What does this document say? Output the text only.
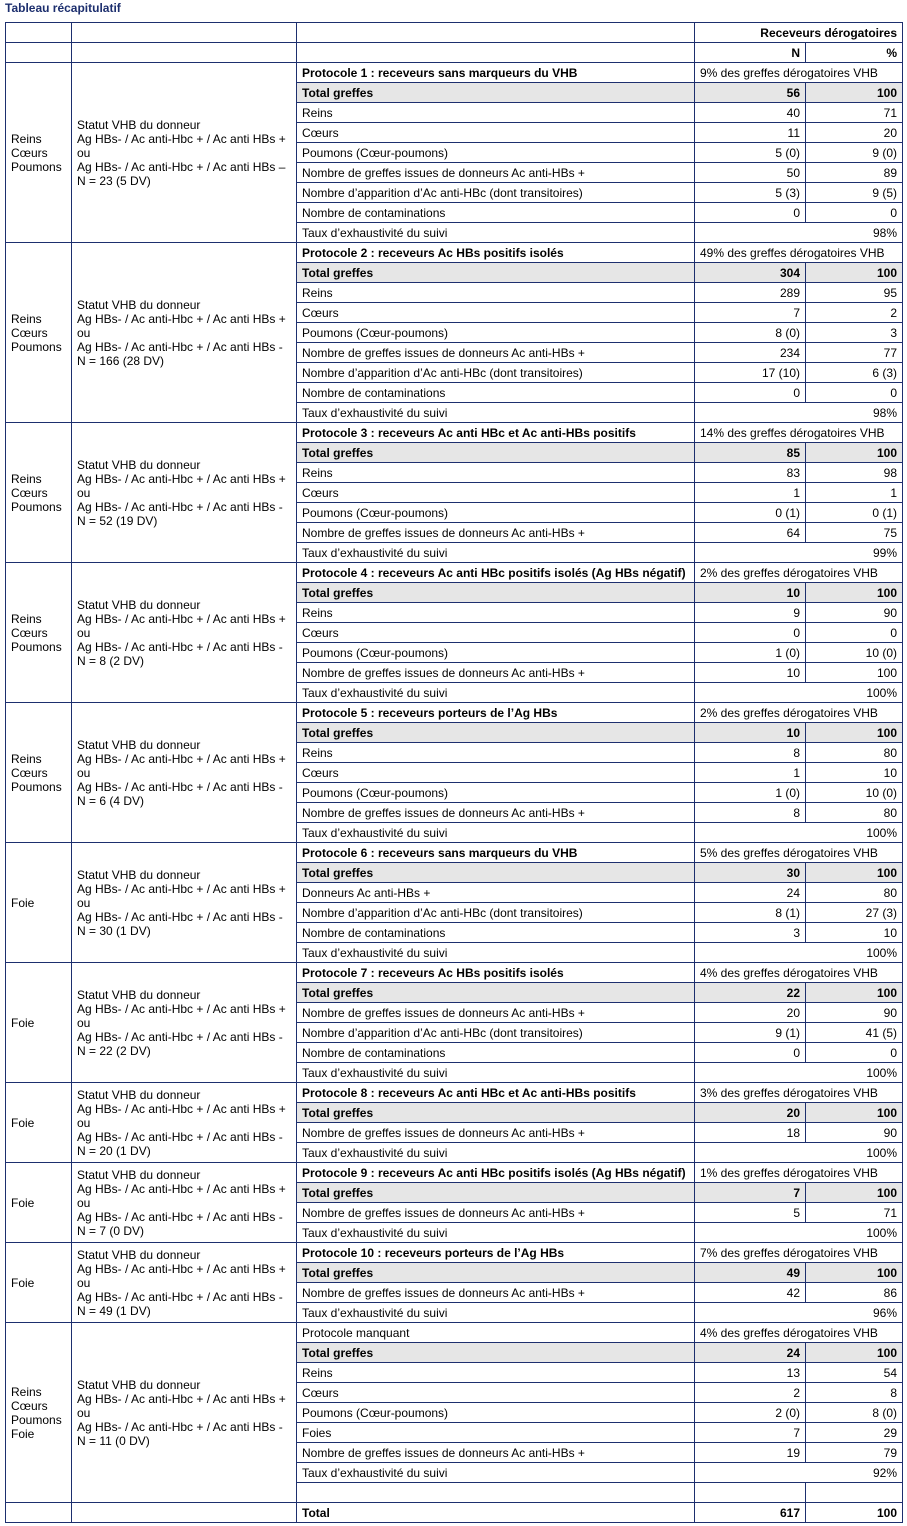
Tableau récapitulatif
			Receveurs dérogatoires	
			N	%

Reins
Cœurs
Poumons	Statut VHB du donneur
Ag HBs- / Ac anti-Hbc + / Ac anti HBs +
ou
Ag HBs- / Ac anti-Hbc + / Ac anti HBs –
N = 23 (5 DV)	Protocole 1 : receveurs sans marqueurs du VHB	9% des greffes dérogatoires VHB	
		Total greffes	56	100
		Reins	40	71
		Cœurs	11	20
		Poumons (Cœur-poumons)	5 (0)	9 (0)
		Nombre de greffes issues de donneurs Ac anti-HBs +	50	89
		Nombre d’apparition d’Ac anti-HBc (dont transitoires)	5 (3)	9 (5)
		Nombre de contaminations	0	0
		Taux d’exhaustivité du suivi	98%	

Reins
Cœurs
Poumons	Statut VHB du donneur
Ag HBs- / Ac anti-Hbc + / Ac anti HBs +
ou
Ag HBs- / Ac anti-Hbc + / Ac anti HBs -
N = 166 (28 DV)	Protocole 2 : receveurs Ac HBs positifs isolés	49% des greffes dérogatoires VHB	
		Total greffes	304	100
		Reins	289	95
		Cœurs	7	2
		Poumons (Cœur-poumons)	8 (0)	3
		Nombre de greffes issues de donneurs Ac anti-HBs +	234	77
		Nombre d’apparition d’Ac anti-HBc (dont transitoires)	17 (10)	6 (3)
		Nombre de contaminations	0	0
		Taux d’exhaustivité du suivi	98%	

Reins
Cœurs
Poumons	Statut VHB du donneur
Ag HBs- / Ac anti-Hbc + / Ac anti HBs +
ou
Ag HBs- / Ac anti-Hbc + / Ac anti HBs -
N = 52 (19 DV)	Protocole 3 : receveurs Ac anti HBc et Ac anti-HBs positifs	14% des greffes dérogatoires VHB	
		Total greffes	85	100
		Reins	83	98
		Cœurs	1	1
		Poumons (Cœur-poumons)	0 (1)	0 (1)
		Nombre de greffes issues de donneurs Ac anti-HBs +	64	75
		Taux d’exhaustivité du suivi	99%	

Reins
Cœurs
Poumons	Statut VHB du donneur
Ag HBs- / Ac anti-Hbc + / Ac anti HBs +
ou
Ag HBs- / Ac anti-Hbc + / Ac anti HBs -
N = 8 (2 DV)	Protocole 4 : receveurs Ac anti HBc positifs isolés (Ag HBs négatif)	2% des greffes dérogatoires VHB	
		Total greffes	10	100
		Reins	9	90
		Cœurs	0	0
		Poumons (Cœur-poumons)	1 (0)	10 (0)
		Nombre de greffes issues de donneurs Ac anti-HBs +	10	100
		Taux d’exhaustivité du suivi	100%	

Reins
Cœurs
Poumons	Statut VHB du donneur
Ag HBs- / Ac anti-Hbc + / Ac anti HBs +
ou
Ag HBs- / Ac anti-Hbc + / Ac anti HBs -
N = 6 (4 DV)	Protocole 5 : receveurs porteurs de l’Ag HBs	2% des greffes dérogatoires VHB	
		Total greffes	10	100
		Reins	8	80
		Cœurs	1	10
		Poumons (Cœur-poumons)	1 (0)	10 (0)
		Nombre de greffes issues de donneurs Ac anti-HBs +	8	80
		Taux d’exhaustivité du suivi	100%	

Foie	Statut VHB du donneur
Ag HBs- / Ac anti-Hbc + / Ac anti HBs +
ou
Ag HBs- / Ac anti-Hbc + / Ac anti HBs -
N = 30 (1 DV)	Protocole 6 : receveurs sans marqueurs du VHB	5% des greffes dérogatoires VHB	
		Total greffes	30	100
		Donneurs Ac anti-HBs +	24	80
		Nombre d’apparition d’Ac anti-HBc (dont transitoires)	8 (1)	27 (3)
		Nombre de contaminations	3	10
		Taux d’exhaustivité du suivi	100%	

Foie	Statut VHB du donneur
Ag HBs- / Ac anti-Hbc + / Ac anti HBs +
ou
Ag HBs- / Ac anti-Hbc + / Ac anti HBs -
N = 22 (2 DV)	Protocole 7 : receveurs Ac HBs positifs isolés	4% des greffes dérogatoires VHB	
		Total greffes	22	100
		Nombre de greffes issues de donneurs Ac anti-HBs +	20	90
		Nombre d’apparition d’Ac anti-HBc (dont transitoires)	9 (1)	41 (5)
		Nombre de contaminations	0	0
		Taux d’exhaustivité du suivi	100%	

Foie	Statut VHB du donneur
Ag HBs- / Ac anti-Hbc + / Ac anti HBs +
ou
Ag HBs- / Ac anti-Hbc + / Ac anti HBs -
N = 20 (1 DV)	Protocole 8 : receveurs Ac anti HBc et Ac anti-HBs positifs	3% des greffes dérogatoires VHB	
		Total greffes	20	100
		Nombre de greffes issues de donneurs Ac anti-HBs +	18	90
		Taux d’exhaustivité du suivi	100%	

Foie	Statut VHB du donneur
Ag HBs- / Ac anti-Hbc + / Ac anti HBs +
ou
Ag HBs- / Ac anti-Hbc + / Ac anti HBs -
N = 7 (0 DV)	Protocole 9 : receveurs Ac anti HBc positifs isolés (Ag HBs négatif)	1% des greffes dérogatoires VHB	
		Total greffes	7	100
		Nombre de greffes issues de donneurs Ac anti-HBs +	5	71
		Taux d’exhaustivité du suivi	100%	

Foie	Statut VHB du donneur
Ag HBs- / Ac anti-Hbc + / Ac anti HBs +
ou
Ag HBs- / Ac anti-Hbc + / Ac anti HBs -
N = 49 (1 DV)	Protocole 10 : receveurs porteurs de l’Ag HBs	7% des greffes dérogatoires VHB	
		Total greffes	49	100
		Nombre de greffes issues de donneurs Ac anti-HBs +	42	86
		Taux d’exhaustivité du suivi	96%	

Reins
Cœurs
Poumons
Foie	Statut VHB du donneur
Ag HBs- / Ac anti-Hbc + / Ac anti HBs +
ou
Ag HBs- / Ac anti-Hbc + / Ac anti HBs -
N = 11 (0 DV)	Protocole manquant	4% des greffes dérogatoires VHB	
		Total greffes	24	100
		Reins	13	54
		Cœurs	2	8
		Poumons (Cœur-poumons)	2 (0)	8 (0)
		Foies	7	29
		Nombre de greffes issues de donneurs Ac anti-HBs +	19	79
		Taux d’exhaustivité du suivi	92%	

		Total	617	100
